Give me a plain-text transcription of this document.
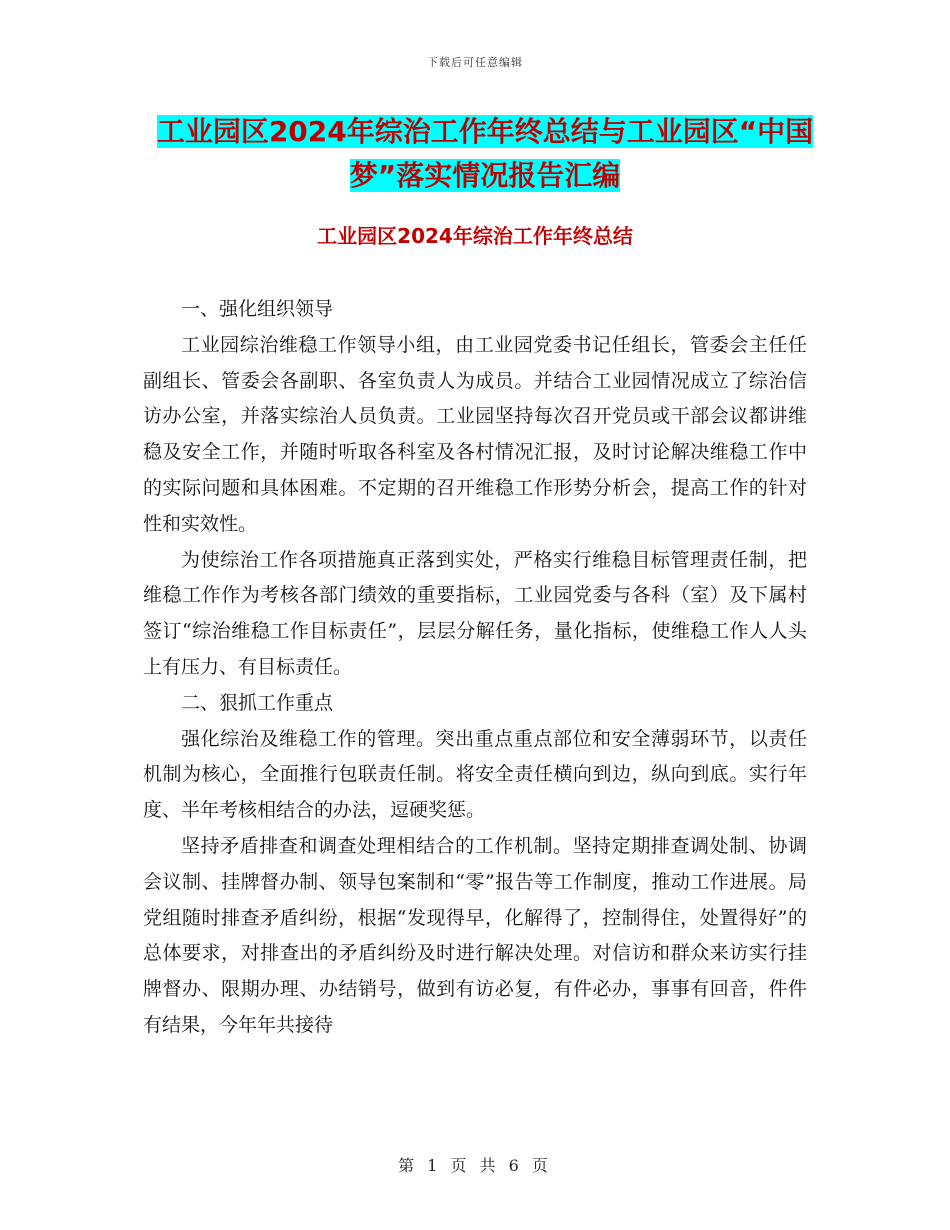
下载后可任意编辑
工业园区2024年综治工作年终总结与工业园区“中国
梦”落实情况报告汇编
工业园区2024年综治工作年终总结

一、强化组织领导

工业园综治维稳工作领导小组，由工业园党委书记任组长，管委会主任任副组长、管委会各副职、各室负责人为成员。并结合工业园情况成立了综治信访办公室，并落实综治人员负责。工业园坚持每次召开党员或干部会议都讲维稳及安全工作，并随时听取各科室及各村情况汇报，及时讨论解决维稳工作中的实际问题和具体困难。不定期的召开维稳工作形势分析会，提高工作的针对性和实效性。

为使综治工作各项措施真正落到实处，严格实行维稳目标管理责任制，把维稳工作作为考核各部门绩效的重要指标，工业园党委与各科（室）及下属村签订“综治维稳工作目标责任”，层层分解任务，量化指标，使维稳工作人人头上有压力、有目标责任。

二、狠抓工作重点

强化综治及维稳工作的管理。突出重点重点部位和安全薄弱环节，以责任机制为核心，全面推行包联责任制。将安全责任横向到边，纵向到底。实行年度、半年考核相结合的办法，逗硬奖惩。

坚持矛盾排查和调查处理相结合的工作机制。坚持定期排查调处制、协调会议制、挂牌督办制、领导包案制和“零”报告等工作制度，推动工作进展。局党组随时排查矛盾纠纷，根据“发现得早，化解得了，控制得住，处置得好”的总体要求，对排查出的矛盾纠纷及时进行解决处理。对信访和群众来访实行挂牌督办、限期办理、办结销号，做到有访必复，有件必办，事事有回音，件件有结果，今年年共接待

第 1 页 共 6 页
